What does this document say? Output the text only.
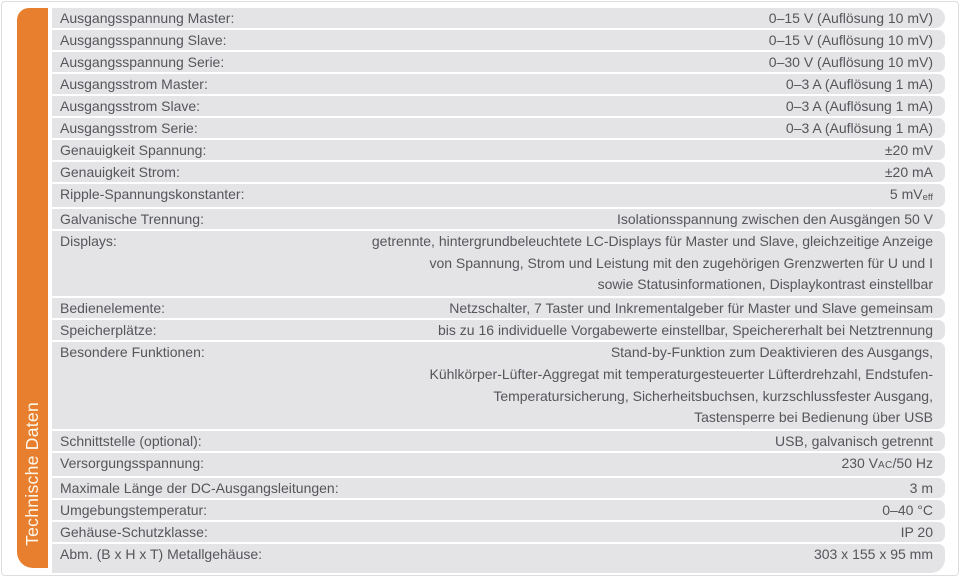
Technische Daten
Ausgangsspannung Master:	0–15 V (Auflösung 10 mV)
Ausgangsspannung Slave:	0–15 V (Auflösung 10 mV)
Ausgangsspannung Serie:	0–30 V (Auflösung 10 mV)
Ausgangsstrom Master:	0–3 A (Auflösung 1 mA)
Ausgangsstrom Slave:	0–3 A (Auflösung 1 mA)
Ausgangsstrom Serie:	0–3 A (Auflösung 1 mA)
Genauigkeit Spannung:	±20 mV
Genauigkeit Strom:	±20 mA
Ripple-Spannungskonstanter:	5 mVeff
Galvanische Trennung:	Isolationsspannung zwischen den Ausgängen 50 V
Displays:	getrennte, hintergrundbeleuchtete LC-Displays für Master und Slave, gleichzeitige Anzeige
von Spannung, Strom und Leistung mit den zugehörigen Grenzwerten für U und I
sowie Statusinformationen, Displaykontrast einstellbar
Bedienelemente:	Netzschalter, 7 Taster und Inkrementalgeber für Master und Slave gemeinsam
Speicherplätze:	bis zu 16 individuelle Vorgabewerte einstellbar, Speichererhalt bei Netztrennung
Besondere Funktionen:	Stand-by-Funktion zum Deaktivieren des Ausgangs,
Kühlkörper-Lüfter-Aggregat mit temperaturgesteuerter Lüfterdrehzahl, Endstufen-
Temperatursicherung, Sicherheitsbuchsen, kurzschlussfester Ausgang,
Tastensperre bei Bedienung über USB
Schnittstelle (optional):	USB, galvanisch getrennt
Versorgungsspannung:	230 VAC/50 Hz
Maximale Länge der DC-Ausgangsleitungen:	3 m
Umgebungstemperatur:	0–40 °C
Gehäuse-Schutzklasse:	IP 20
Abm. (B x H x T) Metallgehäuse:	303 x 155 x 95 mm
